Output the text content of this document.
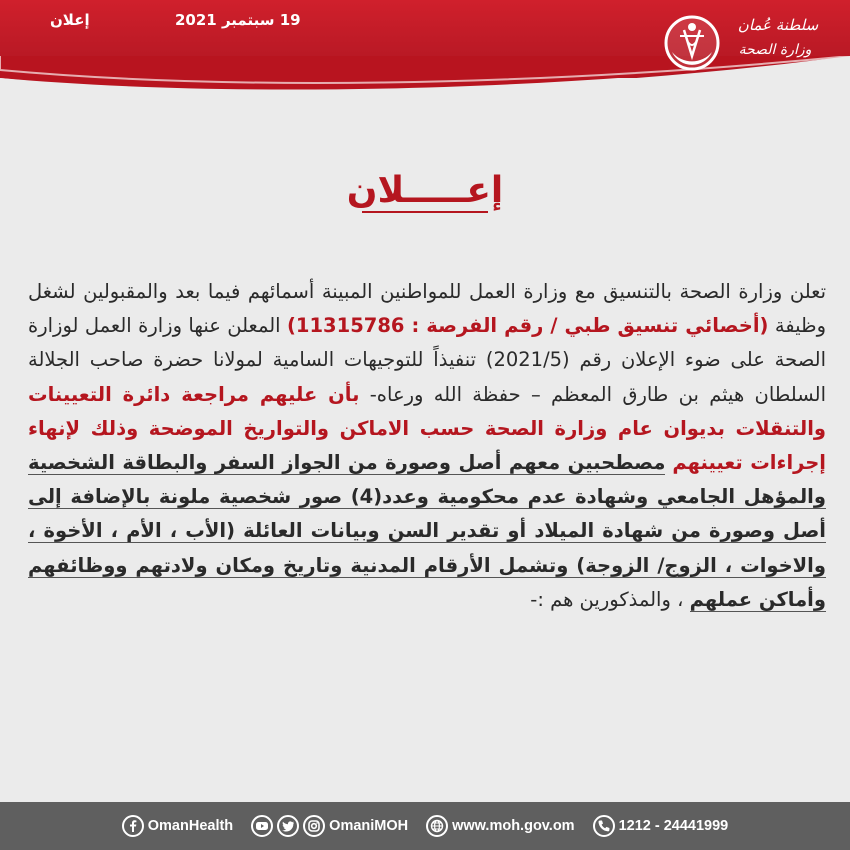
إعلان	19 سبتمبر 2021	سلطنة عُمان
وزارة الصحة
إعـــــلان
تعلن وزارة الصحة بالتنسيق مع وزارة العمل للمواطنين المبينة أسمائهم فيما بعد والمقبولين لشغل وظيفة (أخصائي تنسيق طبي / رقم الفرصة : 11315786) المعلن عنها وزارة العمل لوزارة الصحة على ضوء الإعلان رقم (2021/5) تنفيذاً للتوجيهات السامية لمولانا حضرة صاحب الجلالة السلطان هيثم بن طارق المعظم – حفظة الله ورعاه- بأن عليهم مراجعة دائرة التعيينات والتنقلات بديوان عام وزارة الصحة حسب الاماكن والتواريخ الموضحة وذلك لإنهاء إجراءات تعيينهم مصطحبين معهم أصل وصورة من الجواز السفر والبطاقة الشخصية والمؤهل الجامعي وشهادة عدم محكومية وعدد(4) صور شخصية ملونة بالإضافة إلى أصل وصورة من شهادة الميلاد أو تقدير السن وبيانات العائلة (الأب ، الأم ، الأخوة ، والاخوات ، الزوج/ الزوجة) وتشمل الأرقام المدنية وتاريخ ومكان ولادتهم ووظائفهم وأماكن عملهم ، والمذكورين هم :-
OmanHealth	OmaniMOH	www.moh.gov.om	1212 - 24441999
